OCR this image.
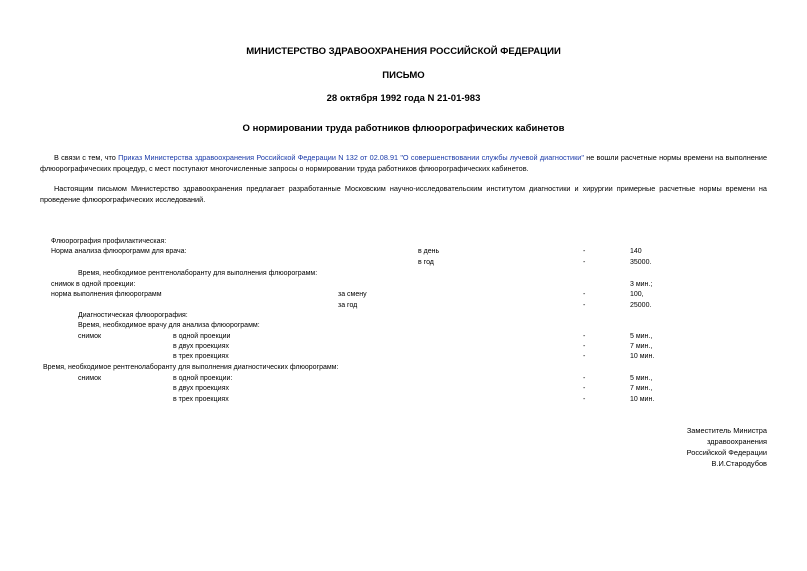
МИНИСТЕРСТВО ЗДРАВООХРАНЕНИЯ РОССИЙСКОЙ ФЕДЕРАЦИИ
ПИСЬМО
28 октября 1992 года N 21-01-983
О нормировании труда работников флюорографических кабинетов
В связи с тем, что Приказ Министерства здравоохранения Российской Федерации N 132 от 02.08.91 "О совершенствовании службы лучевой диагностики" не вошли расчетные нормы времени на выполнение флюорографических процедур, с мест поступают многочисленные запросы о нормировании труда работников флюорографических кабинетов.
Настоящим письмом Министерство здравоохранения предлагает разработанные Московским научно-исследовательским институтом диагностики и хирургии примерные расчетные нормы времени на проведение флюорографических исследований.
Флюорография профилактическая:
Норма анализа флюорограмм для врача:	в день	-	140
в год	-	35000.
Время, необходимое рентгенолаборанту для выполнения флюорограмм:
снимок в одной проекции:	3 мин.;
норма выполнения флюорограмм	за смену	-	100,
за год	-	25000.
Диагностическая флюорография:
Время, необходимое врачу для анализа флюорограмм:
снимок	в одной проекции	-	5 мин.,
в двух проекциях	-	7 мин.,
в трех проекциях	-	10 мин.
Время, необходимое рентгенолаборанту для выполнения диагностических флюорограмм:
снимок	в одной проекции:	-	5 мин.,
в двух проекциях	-	7 мин.,
в трех проекциях	-	10 мин.
Заместитель Министра
здравоохранения
Российской Федерации
В.И.Стародубов
